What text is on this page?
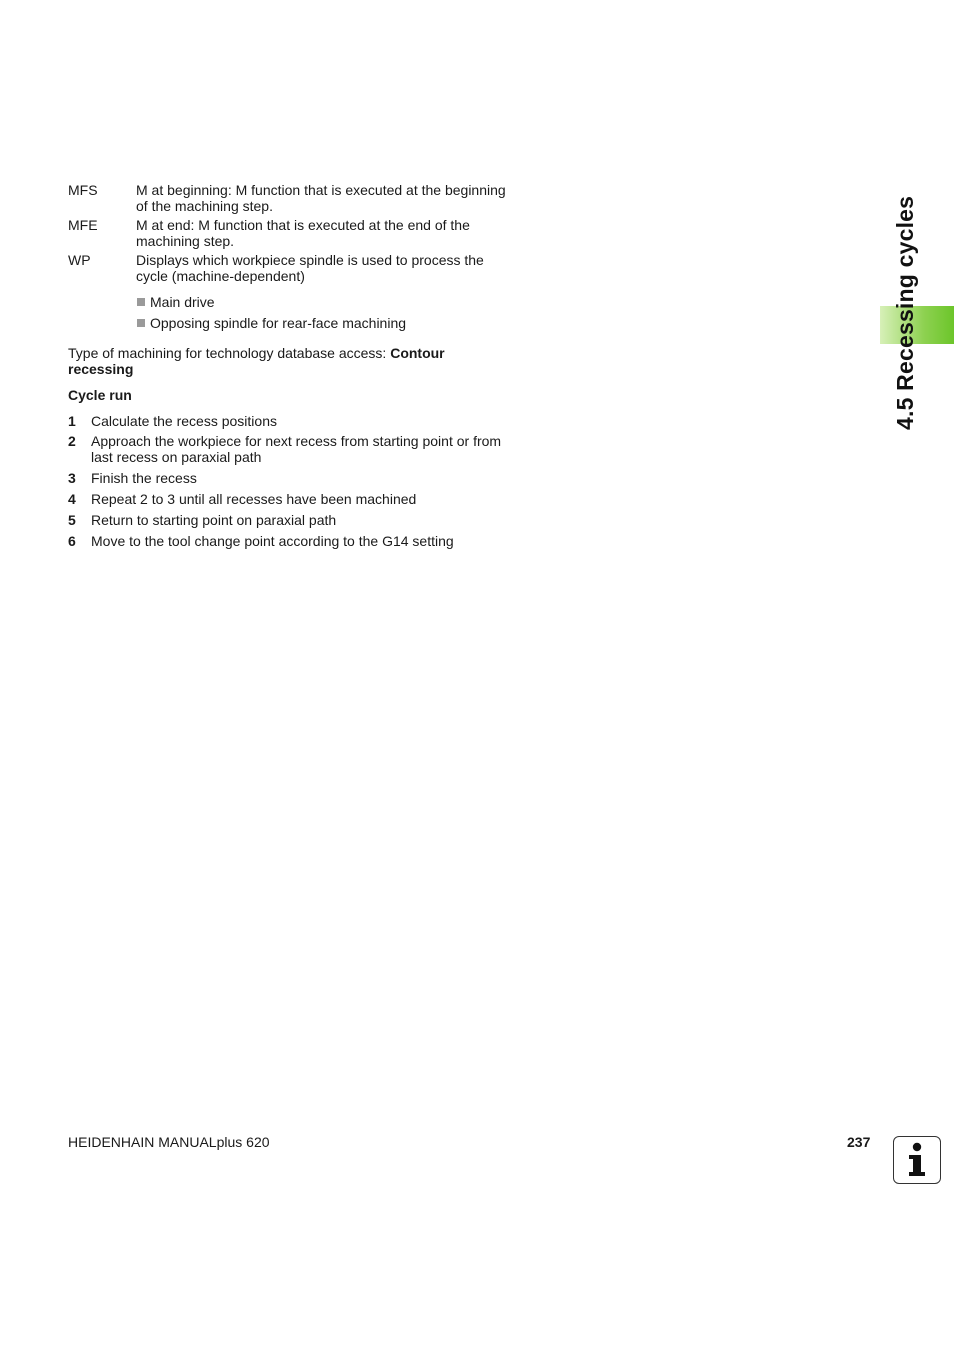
MFS	M at beginning: M function that is executed at the beginning of the machining step.
MFE	M at end: M function that is executed at the end of the machining step.
WP	Displays which workpiece spindle is used to process the cycle (machine-dependent)
Main drive
Opposing spindle for rear-face machining
Type of machining for technology database access: Contour recessing
Cycle run
1 Calculate the recess positions
2 Approach the workpiece for next recess from starting point or from last recess on paraxial path
3 Finish the recess
4 Repeat 2 to 3 until all recesses have been machined
5 Return to starting point on paraxial path
6 Move to the tool change point according to the G14 setting
4.5 Recessing cycles
HEIDENHAIN MANUALplus 620	237
